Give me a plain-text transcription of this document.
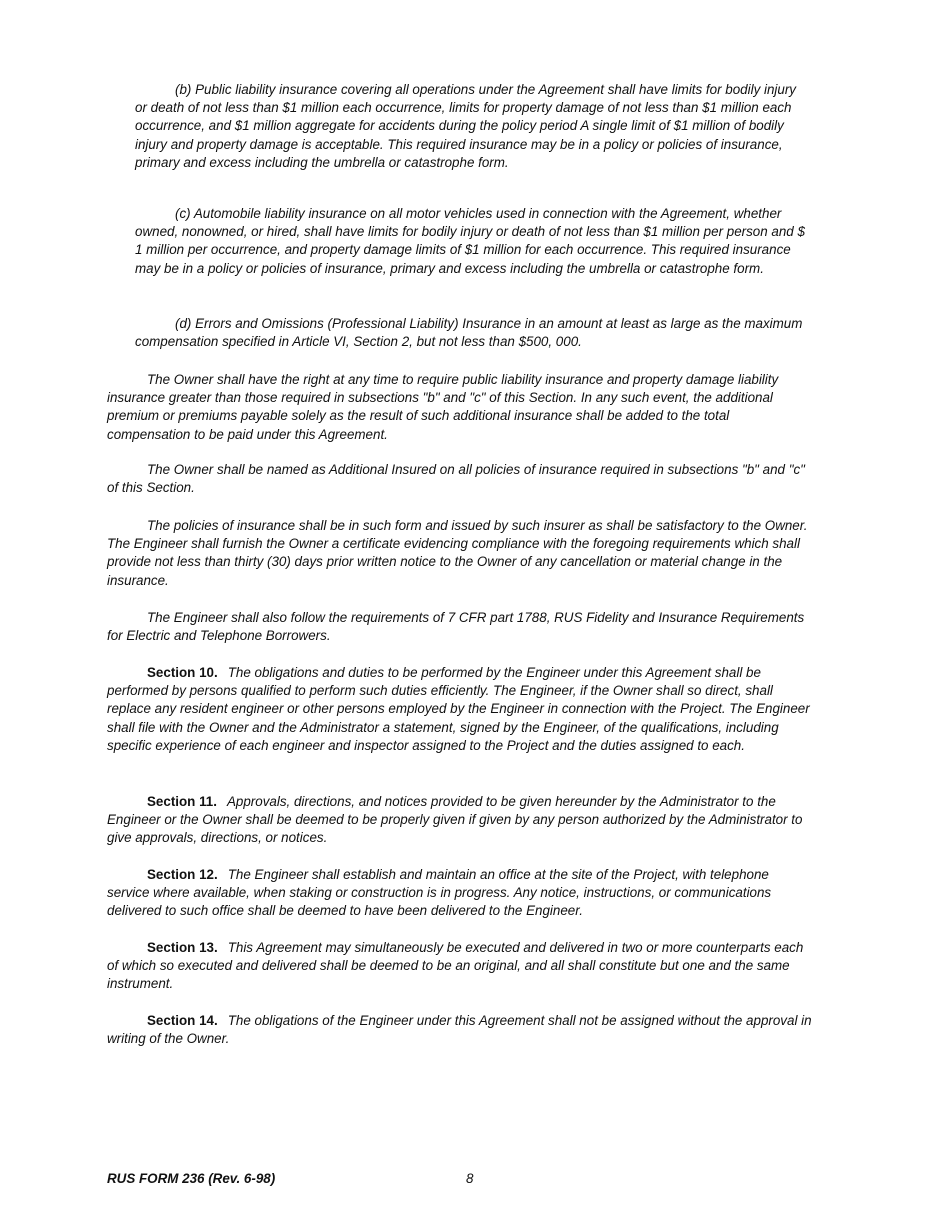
(b) Public liability insurance covering all operations under the Agreement shall have limits for bodily injury or death of not less than $1 million each occurrence, limits for property damage of not less than $1 million each occurrence, and $1 million aggregate for accidents during the policy period A single limit of $1 million of bodily injury and property damage is acceptable. This required insurance may be in a policy or policies of insurance, primary and excess including the umbrella or catastrophe form.

(c) Automobile liability insurance on all motor vehicles used in connection with the Agreement, whether owned, nonowned, or hired, shall have limits for bodily injury or death of not less than $1 million per person and $ 1 million per occurrence, and property damage limits of $1 million for each occurrence. This required insurance may be in a policy or policies of insurance, primary and excess including the umbrella or catastrophe form.

(d) Errors and Omissions (Professional Liability) Insurance in an amount at least as large as the maximum compensation specified in Article VI, Section 2, but not less than $500, 000.

The Owner shall have the right at any time to require public liability insurance and property damage liability insurance greater than those required in subsections "b" and "c" of this Section. In any such event, the additional premium or premiums payable solely as the result of such additional insurance shall be added to the total compensation to be paid under this Agreement.

The Owner shall be named as Additional Insured on all policies of insurance required in subsections "b" and "c" of this Section.

The policies of insurance shall be in such form and issued by such insurer as shall be satisfactory to the Owner. The Engineer shall furnish the Owner a certificate evidencing compliance with the foregoing requirements which shall provide not less than thirty (30) days prior written notice to the Owner of any cancellation or material change in the insurance.

The Engineer shall also follow the requirements of 7 CFR part 1788, RUS Fidelity and Insurance Requirements for Electric and Telephone Borrowers.

Section 10. The obligations and duties to be performed by the Engineer under this Agreement shall be performed by persons qualified to perform such duties efficiently. The Engineer, if the Owner shall so direct, shall replace any resident engineer or other persons employed by the Engineer in connection with the Project. The Engineer shall file with the Owner and the Administrator a statement, signed by the Engineer, of the qualifications, including specific experience of each engineer and inspector assigned to the Project and the duties assigned to each.

Section 11. Approvals, directions, and notices provided to be given hereunder by the Administrator to the Engineer or the Owner shall be deemed to be properly given if given by any person authorized by the Administrator to give approvals, directions, or notices.

Section 12. The Engineer shall establish and maintain an office at the site of the Project, with telephone service where available, when staking or construction is in progress. Any notice, instructions, or communications delivered to such office shall be deemed to have been delivered to the Engineer.

Section 13. This Agreement may simultaneously be executed and delivered in two or more counterparts each of which so executed and delivered shall be deemed to be an original, and all shall constitute but one and the same instrument.

Section 14. The obligations of the Engineer under this Agreement shall not be assigned without the approval in writing of the Owner.

RUS FORM 236 (Rev. 6-98)	8
